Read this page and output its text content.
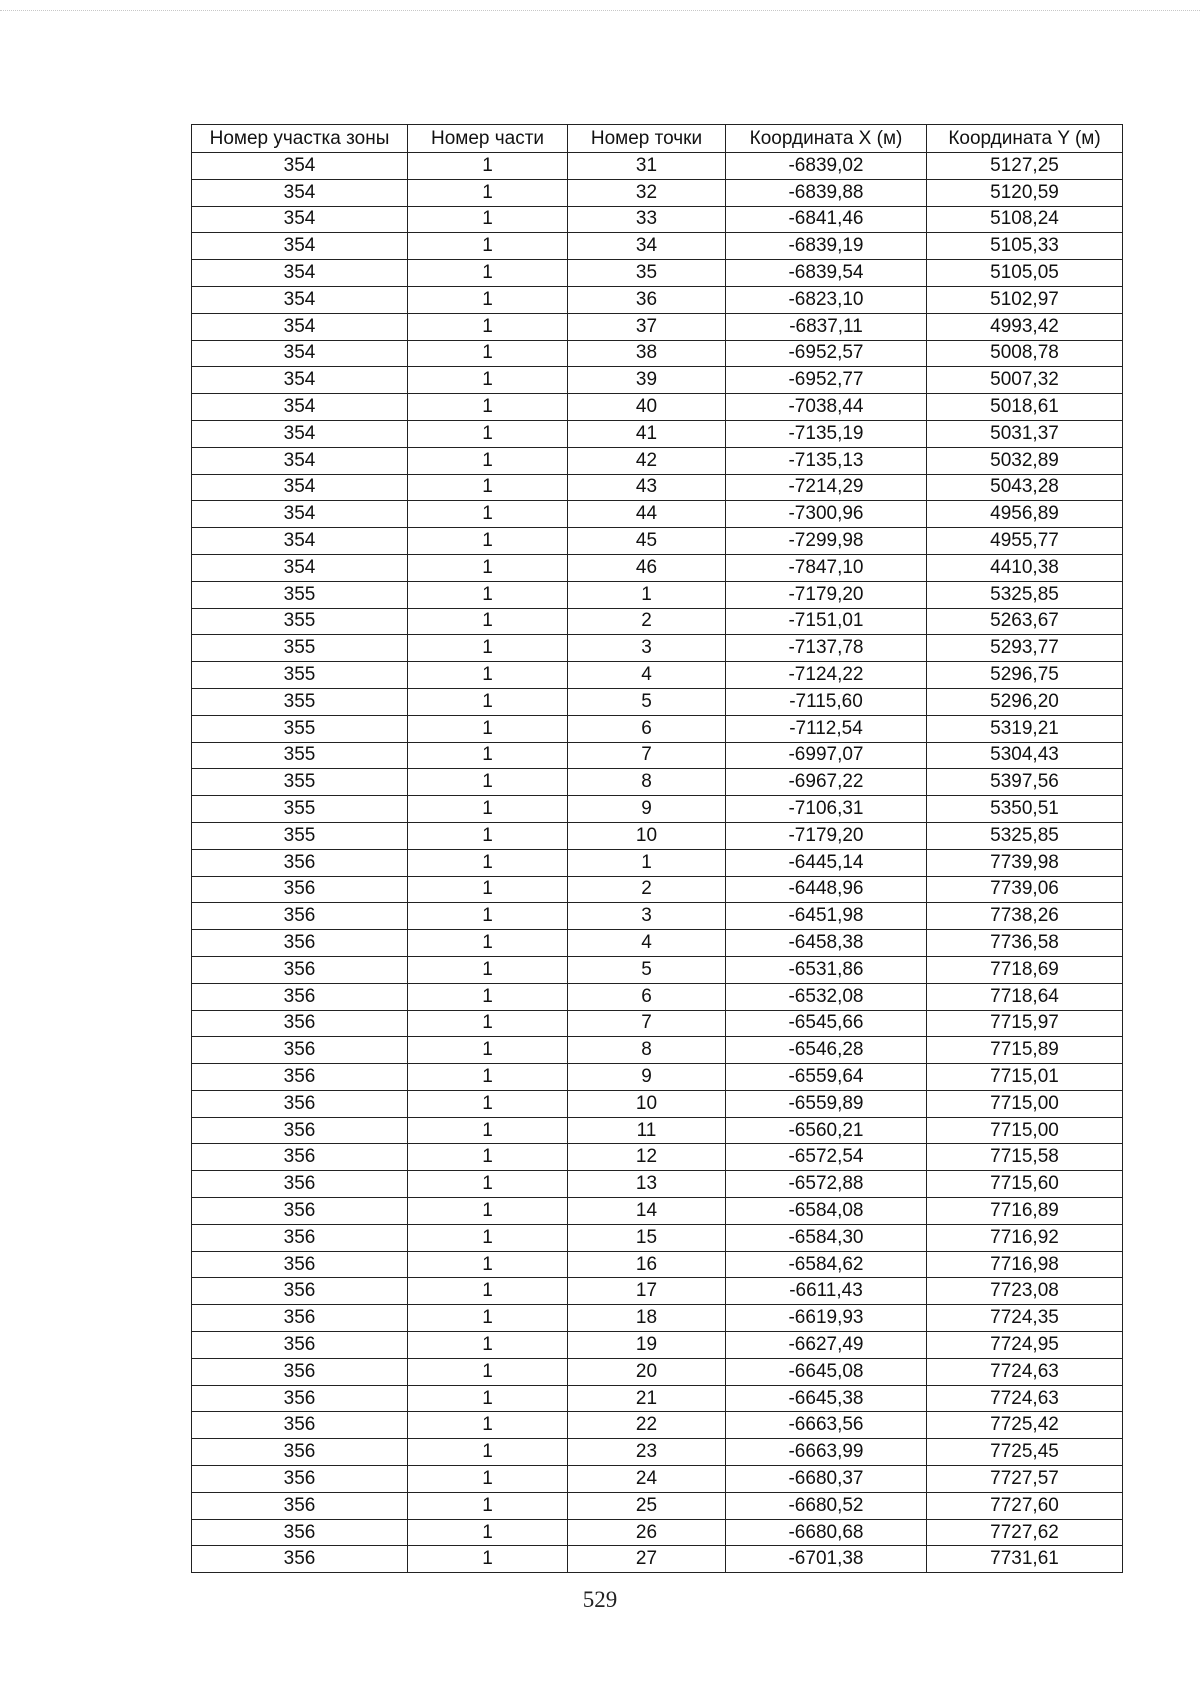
Номер участка зоны	Номер части	Номер точки	Координата X (м)	Координата Y (м)
354	1	31	-6839,02	5127,25
354	1	32	-6839,88	5120,59
354	1	33	-6841,46	5108,24
354	1	34	-6839,19	5105,33
354	1	35	-6839,54	5105,05
354	1	36	-6823,10	5102,97
354	1	37	-6837,11	4993,42
354	1	38	-6952,57	5008,78
354	1	39	-6952,77	5007,32
354	1	40	-7038,44	5018,61
354	1	41	-7135,19	5031,37
354	1	42	-7135,13	5032,89
354	1	43	-7214,29	5043,28
354	1	44	-7300,96	4956,89
354	1	45	-7299,98	4955,77
354	1	46	-7847,10	4410,38
355	1	1	-7179,20	5325,85
355	1	2	-7151,01	5263,67
355	1	3	-7137,78	5293,77
355	1	4	-7124,22	5296,75
355	1	5	-7115,60	5296,20
355	1	6	-7112,54	5319,21
355	1	7	-6997,07	5304,43
355	1	8	-6967,22	5397,56
355	1	9	-7106,31	5350,51
355	1	10	-7179,20	5325,85
356	1	1	-6445,14	7739,98
356	1	2	-6448,96	7739,06
356	1	3	-6451,98	7738,26
356	1	4	-6458,38	7736,58
356	1	5	-6531,86	7718,69
356	1	6	-6532,08	7718,64
356	1	7	-6545,66	7715,97
356	1	8	-6546,28	7715,89
356	1	9	-6559,64	7715,01
356	1	10	-6559,89	7715,00
356	1	11	-6560,21	7715,00
356	1	12	-6572,54	7715,58
356	1	13	-6572,88	7715,60
356	1	14	-6584,08	7716,89
356	1	15	-6584,30	7716,92
356	1	16	-6584,62	7716,98
356	1	17	-6611,43	7723,08
356	1	18	-6619,93	7724,35
356	1	19	-6627,49	7724,95
356	1	20	-6645,08	7724,63
356	1	21	-6645,38	7724,63
356	1	22	-6663,56	7725,42
356	1	23	-6663,99	7725,45
356	1	24	-6680,37	7727,57
356	1	25	-6680,52	7727,60
356	1	26	-6680,68	7727,62
356	1	27	-6701,38	7731,61
529
